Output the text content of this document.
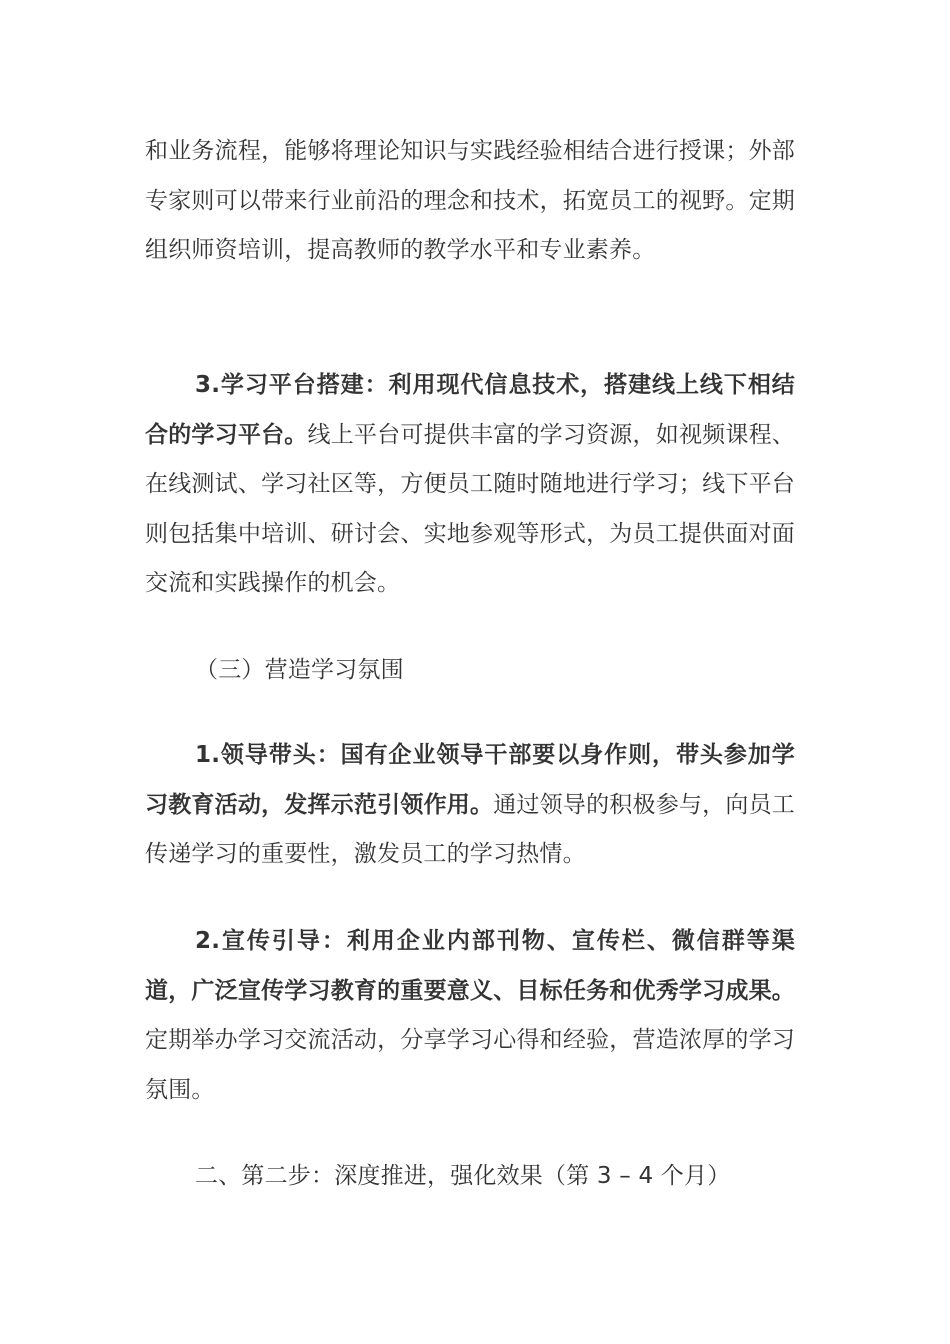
和业务流程，能够将理论知识与实践经验相结合进行授课；外部专家则可以带来行业前沿的理念和技术，拓宽员工的视野。定期组织师资培训，提高教师的教学水平和专业素养。

3.学习平台搭建：利用现代信息技术，搭建线上线下相结合的学习平台。线上平台可提供丰富的学习资源，如视频课程、在线测试、学习社区等，方便员工随时随地进行学习；线下平台则包括集中培训、研讨会、实地参观等形式，为员工提供面对面交流和实践操作的机会。

（三）营造学习氛围

1.领导带头：国有企业领导干部要以身作则，带头参加学习教育活动，发挥示范引领作用。通过领导的积极参与，向员工传递学习的重要性，激发员工的学习热情。

2.宣传引导：利用企业内部刊物、宣传栏、微信群等渠道，广泛宣传学习教育的重要意义、目标任务和优秀学习成果。定期举办学习交流活动，分享学习心得和经验，营造浓厚的学习氛围。

二、第二步：深度推进，强化效果（第 3 – 4 个月）
